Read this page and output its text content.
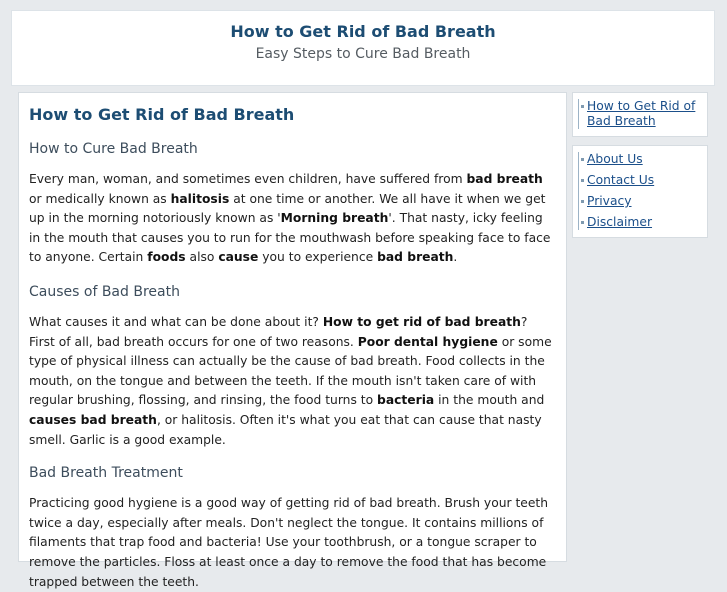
How to Get Rid of Bad Breath
Easy Steps to Cure Bad Breath
How to Get Rid of Bad Breath
How to Cure Bad Breath

Every man, woman, and sometimes even children, have suffered from bad breath or medically known as halitosis at one time or another. We all have it when we get up in the morning notoriously known as 'Morning breath'. That nasty, icky feeling in the mouth that causes you to run for the mouthwash before speaking face to face to anyone. Certain foods also cause you to experience bad breath.

Causes of Bad Breath

What causes it and what can be done about it? How to get rid of bad breath? First of all, bad breath occurs for one of two reasons. Poor dental hygiene or some type of physical illness can actually be the cause of bad breath. Food collects in the mouth, on the tongue and between the teeth. If the mouth isn't taken care of with regular brushing, flossing, and rinsing, the food turns to bacteria in the mouth and causes bad breath, or halitosis. Often it's what you eat that can cause that nasty smell. Garlic is a good example.

Bad Breath Treatment

Practicing good hygiene is a good way of getting rid of bad breath. Brush your teeth twice a day, especially after meals. Don't neglect the tongue. It contains millions of filaments that trap food and bacteria! Use your toothbrush, or a tongue scraper to remove the particles. Floss at least once a day to remove the food that has become trapped between the teeth.

How to Get Rid of Bad Breath
About Us
Contact Us
Privacy
Disclaimer
